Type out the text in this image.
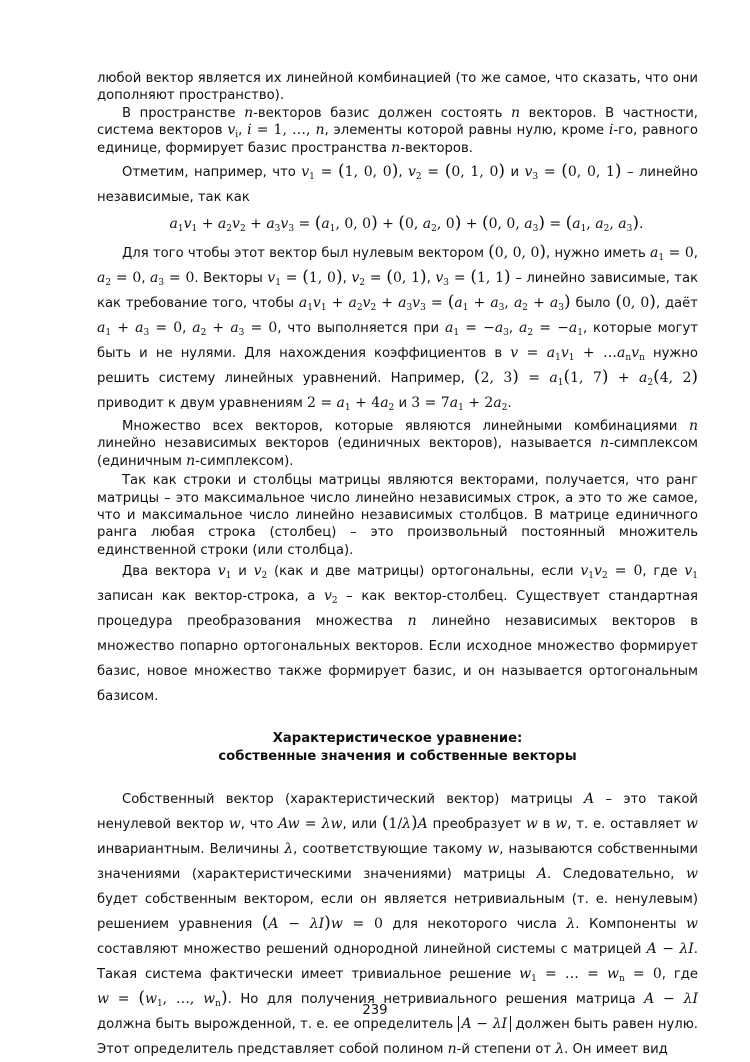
любой вектор является их линейной комбинацией (то же самое, что сказать, что они дополняют пространство).

В пространстве n-векторов базис должен состоять n векторов. В частности, система векторов $v_i$, i = 1, …, n, элементы которой равны нулю, кроме i-го, равного единице, формирует базис пространства n-векторов.

Отметим, например, что $v_1 = (1$, 0, 0), $v_2 = (0$, 1, 0) и $v_3 = (0$, 0, 1) – линейно независимые, так как

$a_1v_1 + a_2v_2 + a_3v_3 = (a_1$, 0, 0) + (0, $a_2$, 0) + (0, 0, $a_3) = (a_1$, $a_2$, $a_3$).

Для того чтобы этот вектор был нулевым вектором (0, 0, 0), нужно иметь $a_1 = 0$, $a_2 = 0$, $a_3 = 0$. Векторы $v_1 = (1$, 0), $v_2 = (0$, 1), $v_3 = (1$, 1) – линейно зависимые, так как требование того, чтобы $a_1v_1 + a_2v_2 + a_3v_3 = (a_1 + a_3$, $a_2 + a_3$) было (0, 0), даёт $a_1 + a_3 = 0$, $a_2 + a_3 = 0$, что выполняется при $a_1 = -a_3$, $a_2 = -a_1$, которые могут быть и не нулями. Для нахождения коэффициентов в $v = a_1v_1$ + $\dots a_nv_n$ нужно решить систему линейных уравнений. Например, (2, $3) = a_1(1$, $7) + a_2(4$, 2) приводит к двум уравнениям $2 = a_1 + 4a_2$ и $3 = 7a_1 + 2a_2$.

Множество всех векторов, которые являются линейными комбинациями n линейно независимых векторов (единичных векторов), называется n-симплексом (единичным n-симплексом).

Так как строки и столбцы матрицы являются векторами, получается, что ранг матрицы – это максимальное число линейно независимых строк, а это то же самое, что и максимальное число линейно независимых столбцов. В матрице единичного ранга любая строка (столбец) – это произвольный постоянный множитель единственной строки (или столбца).

Два вектора $v_1$ и $v_2$ (как и две матрицы) ортогональны, если $v_1v_2 = 0$, где $v_1$ записан как вектор-строка, а $v_2$ – как вектор-столбец. Существует стандартная процедура преобразования множества n линейно независимых векторов в множество попарно ортогональных векторов. Если исходное множество формирует базис, новое множество также формирует базис, и он называется ортогональным базисом.

Характеристическое уравнение:
собственные значения и собственные векторы

Собственный вектор (характеристический вектор) матрицы A – это такой ненулевой вектор w, что Aw = λw, или (1/λ)A преобразует w в w, т. е. оставляет w инвариантным. Величины λ, соответствующие такому w, называются собственными значениями (характеристическими значениями) матрицы A. Следовательно, w будет собственным вектором, если он является нетривиальным (т. е. ненулевым) решением уравнения (A − λI)w = 0 для некоторого числа λ. Компоненты w составляют множество решений однородной линейной системы с матрицей A − λI. Такая система фактически имеет тривиальное решение $w_1$ = … = $w_n = 0$, где $w = (w_1$, …, $w_n$). Но для получения нетривиального решения матрица A − λI должна быть вырожденной, т. е. ее определитель A − λI должен быть равен нулю. Этот определитель представляет собой полином n-й степени от λ. Он имеет вид

239
